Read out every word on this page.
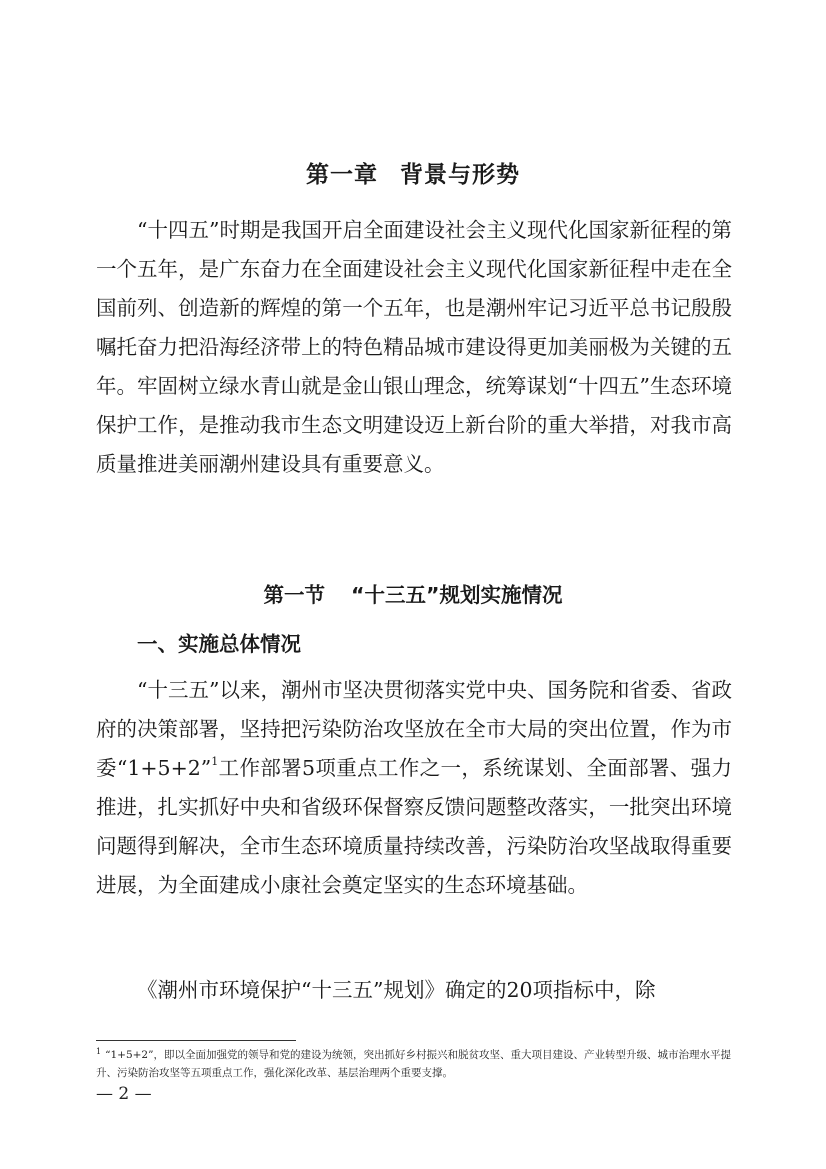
第一章 背景与形势

“十四五”时期是我国开启全面建设社会主义现代化国家新征程的第一个五年，是广东奋力在全面建设社会主义现代化国家新征程中走在全国前列、创造新的辉煌的第一个五年，也是潮州牢记习近平总书记殷殷嘱托奋力把沿海经济带上的特色精品城市建设得更加美丽极为关键的五年。牢固树立绿水青山就是金山银山理念，统筹谋划“十四五”生态环境保护工作，是推动我市生态文明建设迈上新台阶的重大举措，对我市高质量推进美丽潮州建设具有重要意义。

第一节 “十三五”规划实施情况
一、实施总体情况

“十三五”以来，潮州市坚决贯彻落实党中央、国务院和省委、省政府的决策部署，坚持把污染防治攻坚放在全市大局的突出位置，作为市委“1+5+2”$^1$工作部署5项重点工作之一，系统谋划、全面部署、强力推进，扎实抓好中央和省级环保督察反馈问题整改落实，一批突出环境问题得到解决，全市生态环境质量持续改善，污染防治攻坚战取得重要进展，为全面建成小康社会奠定坚实的生态环境基础。

《潮州市环境保护“十三五”规划》确定的20项指标中，除

$^1$ “1+5+2”，即以全面加强党的领导和党的建设为统领，突出抓好乡村振兴和脱贫攻坚、重大项目建设、产业转型升级、城市治理水平提升、污染防治攻坚等五项重点工作，强化深化改革、基层治理两个重要支撑。
— 2 —
